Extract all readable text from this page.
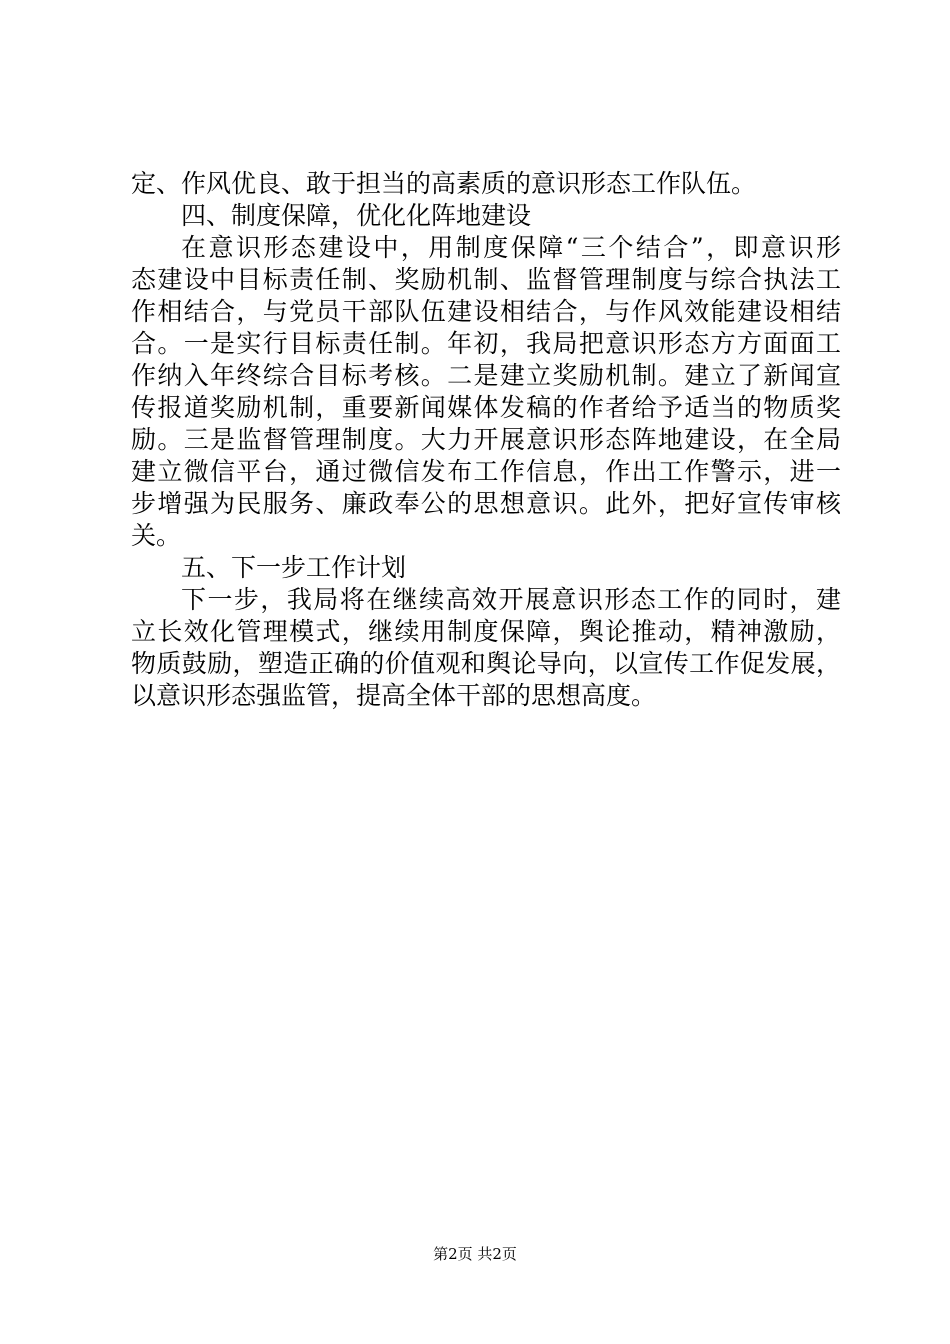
定、作风优良、敢于担当的高素质的意识形态工作队伍。
四、制度保障，优化化阵地建设
在意识形态建设中，用制度保障“三个结合”，即意识形
态建设中目标责任制、奖励机制、监督管理制度与综合执法工
作相结合，与党员干部队伍建设相结合，与作风效能建设相结
合。一是实行目标责任制。年初，我局把意识形态方方面面工
作纳入年终综合目标考核。二是建立奖励机制。建立了新闻宣
传报道奖励机制，重要新闻媒体发稿的作者给予适当的物质奖
励。三是监督管理制度。大力开展意识形态阵地建设，在全局
建立微信平台，通过微信发布工作信息，作出工作警示，进一
步增强为民服务、廉政奉公的思想意识。此外，把好宣传审核
关。
五、下一步工作计划
下一步，我局将在继续高效开展意识形态工作的同时，建
立长效化管理模式，继续用制度保障，舆论推动，精神激励，
物质鼓励，塑造正确的价值观和舆论导向，以宣传工作促发展，
以意识形态强监管，提高全体干部的思想高度。
第2页 共2页
